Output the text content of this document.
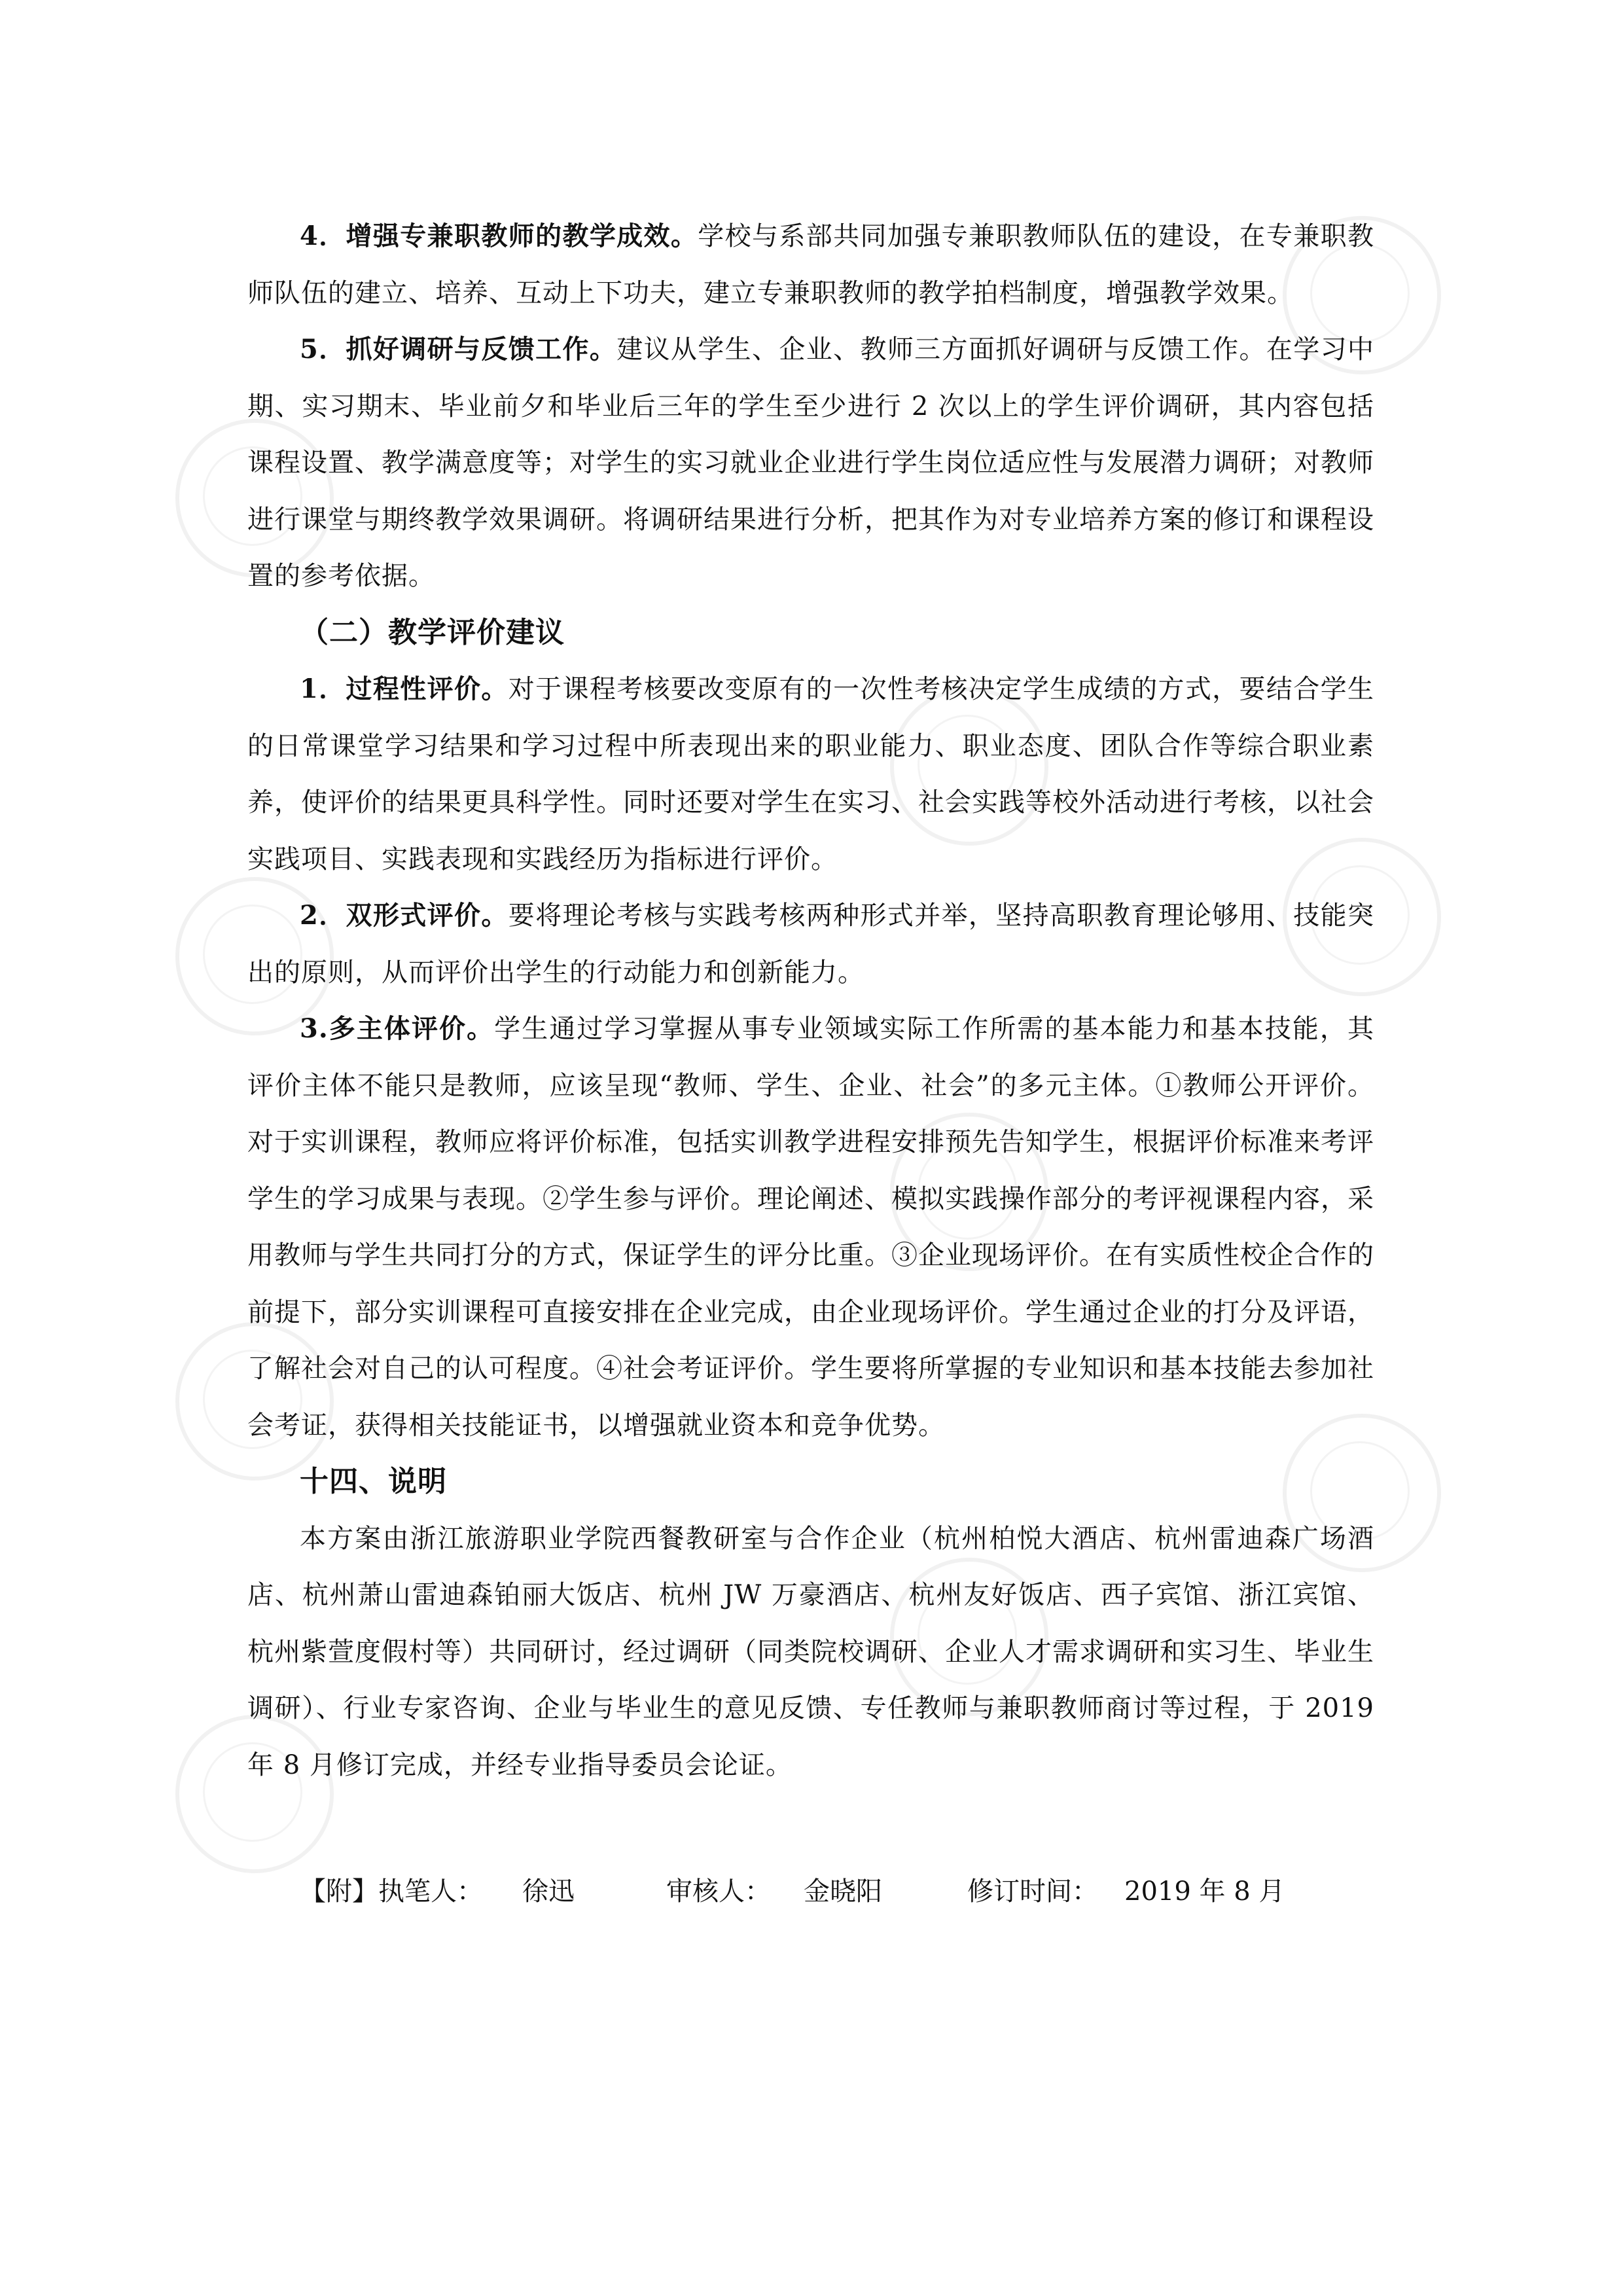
4．增强专兼职教师的教学成效。学校与系部共同加强专兼职教师队伍的建设，在专兼职教师队伍的建立、培养、互动上下功夫，建立专兼职教师的教学拍档制度，增强教学效果。

5．抓好调研与反馈工作。建议从学生、企业、教师三方面抓好调研与反馈工作。在学习中期、实习期末、毕业前夕和毕业后三年的学生至少进行 2 次以上的学生评价调研，其内容包括课程设置、教学满意度等；对学生的实习就业企业进行学生岗位适应性与发展潜力调研；对教师进行课堂与期终教学效果调研。将调研结果进行分析，把其作为对专业培养方案的修订和课程设置的参考依据。

（二）教学评价建议

1．过程性评价。对于课程考核要改变原有的一次性考核决定学生成绩的方式，要结合学生的日常课堂学习结果和学习过程中所表现出来的职业能力、职业态度、团队合作等综合职业素养，使评价的结果更具科学性。同时还要对学生在实习、社会实践等校外活动进行考核，以社会实践项目、实践表现和实践经历为指标进行评价。

2．双形式评价。要将理论考核与实践考核两种形式并举，坚持高职教育理论够用、技能突出的原则，从而评价出学生的行动能力和创新能力。

3.多主体评价。学生通过学习掌握从事专业领域实际工作所需的基本能力和基本技能，其评价主体不能只是教师，应该呈现“教师、学生、企业、社会”的多元主体。①教师公开评价。对于实训课程，教师应将评价标准，包括实训教学进程安排预先告知学生，根据评价标准来考评学生的学习成果与表现。②学生参与评价。理论阐述、模拟实践操作部分的考评视课程内容，采用教师与学生共同打分的方式，保证学生的评分比重。③企业现场评价。在有实质性校企合作的前提下，部分实训课程可直接安排在企业完成，由企业现场评价。学生通过企业的打分及评语，了解社会对自己的认可程度。④社会考证评价。学生要将所掌握的专业知识和基本技能去参加社会考证，获得相关技能证书，以增强就业资本和竞争优势。

十四、说明

本方案由浙江旅游职业学院西餐教研室与合作企业（杭州柏悦大酒店、杭州雷迪森广场酒店、杭州萧山雷迪森铂丽大饭店、杭州 JW 万豪酒店、杭州友好饭店、西子宾馆、浙江宾馆、杭州紫萱度假村等）共同研讨，经过调研（同类院校调研、企业人才需求调研和实习生、毕业生调研）、行业专家咨询、企业与毕业生的意见反馈、专任教师与兼职教师商讨等过程，于 2019 年 8 月修订完成，并经专业指导委员会论证。

【附】执笔人： 徐迅	审核人： 金晓阳	修订时间： 2019 年 8 月
